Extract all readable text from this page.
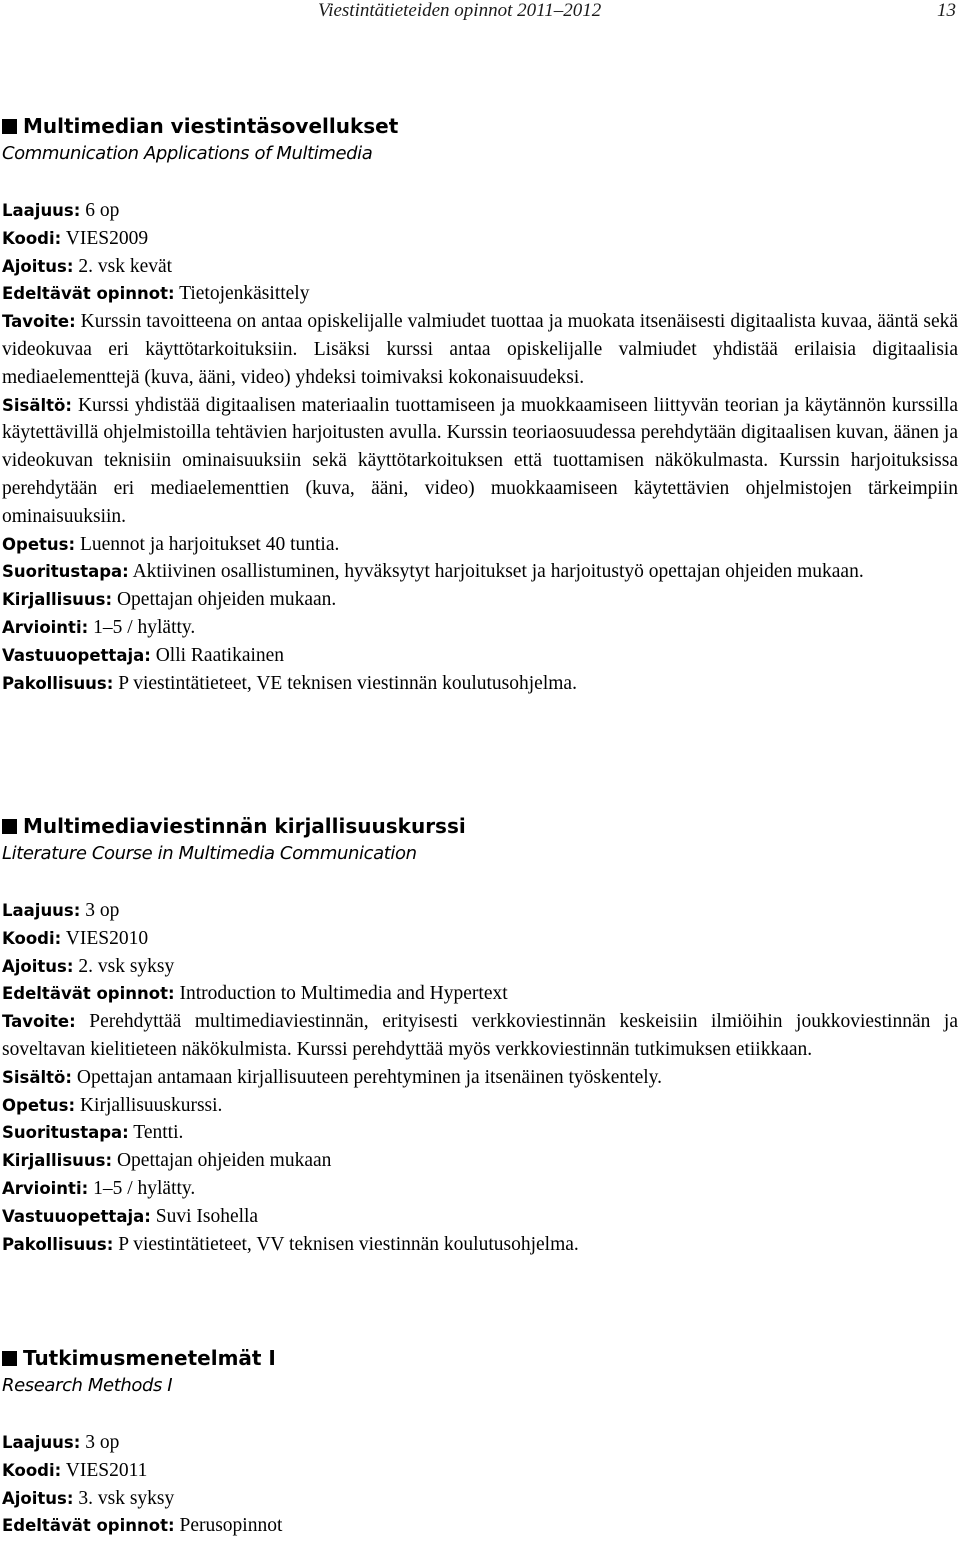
Viestintätieteiden opinnot 2011–2012	13
Multimedian viestintäsovellukset
Communication Applications of Multimedia
Laajuus: 6 op
Koodi: VIES2009
Ajoitus: 2. vsk kevät
Edeltävät opinnot: Tietojenkäsittely
Tavoite: Kurssin tavoitteena on antaa opiskelijalle valmiudet tuottaa ja muokata itsenäisesti digitaalista kuvaa, ääntä sekä videokuvaa eri käyttötarkoituksiin. Lisäksi kurssi antaa opiskelijalle valmiudet yhdistää erilaisia digitaalisia mediaelementtejä (kuva, ääni, video) yhdeksi toimivaksi kokonaisuudeksi.
Sisältö: Kurssi yhdistää digitaalisen materiaalin tuottamiseen ja muokkaamiseen liittyvän teorian ja käytännön kurssilla käytettävillä ohjelmistoilla tehtävien harjoitusten avulla. Kurssin teoriaosuudessa perehdytään digitaalisen kuvan, äänen ja videokuvan teknisiin ominaisuuksiin sekä käyttötarkoituksen että tuottamisen näkökulmasta. Kurssin harjoituksissa perehdytään eri mediaelementtien (kuva, ääni, video) muokkaamiseen käytettävien ohjelmistojen tärkeimpiin ominaisuuksiin.
Opetus: Luennot ja harjoitukset 40 tuntia.
Suoritustapa: Aktiivinen osallistuminen, hyväksytyt harjoitukset ja harjoitustyö opettajan ohjeiden mukaan.
Kirjallisuus: Opettajan ohjeiden mukaan.
Arviointi: 1–5 / hylätty.
Vastuuopettaja: Olli Raatikainen
Pakollisuus: P viestintätieteet, VE teknisen viestinnän koulutusohjelma.
Multimediaviestinnän kirjallisuuskurssi
Literature Course in Multimedia Communication
Laajuus: 3 op
Koodi: VIES2010
Ajoitus: 2. vsk syksy
Edeltävät opinnot: Introduction to Multimedia and Hypertext
Tavoite: Perehdyttää multimediaviestinnän, erityisesti verkkoviestinnän keskeisiin ilmiöihin joukkoviestinnän ja soveltavan kielitieteen näkökulmista. Kurssi perehdyttää myös verkkoviestinnän tutkimuksen etiikkaan.
Sisältö: Opettajan antamaan kirjallisuuteen perehtyminen ja itsenäinen työskentely.
Opetus: Kirjallisuuskurssi.
Suoritustapa: Tentti.
Kirjallisuus: Opettajan ohjeiden mukaan
Arviointi: 1–5 / hylätty.
Vastuuopettaja: Suvi Isohella
Pakollisuus: P viestintätieteet, VV teknisen viestinnän koulutusohjelma.
Tutkimusmenetelmät I
Research Methods I
Laajuus: 3 op
Koodi: VIES2011
Ajoitus: 3. vsk syksy
Edeltävät opinnot: Perusopinnot
